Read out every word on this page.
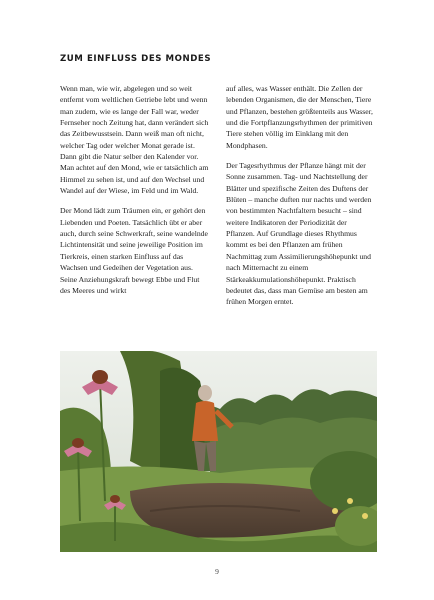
ZUM EINFLUSS DES MONDES

Wenn man, wie wir, abgelegen und so weit entfernt vom weltlichen Getriebe lebt und wenn man zudem, wie es lange der Fall war, weder Fernseher noch Zeitung hat, dann verändert sich das Zeitbewusstsein. Dann weiß man oft nicht, welcher Tag oder welcher Monat gerade ist. Dann gibt die Natur selber den Kalender vor. Man achtet auf den Mond, wie er tatsächlich am Himmel zu sehen ist, und auf den Wechsel und Wandel auf der Wiese, im Feld und im Wald.

Der Mond lädt zum Träumen ein, er gehört den Liebenden und Poeten. Tatsächlich übt er aber auch, durch seine Schwerkraft, seine wandelnde Lichtintensität und seine jeweilige Position im Tierkreis, einen starken Einfluss auf das Wachsen und Gedeihen der Vegetation aus. Seine Anziehungskraft bewegt Ebbe und Flut des Meeres und wirkt

auf alles, was Wasser enthält. Die Zellen der lebenden Organismen, die der Menschen, Tiere und Pflanzen, bestehen größtenteils aus Wasser, und die Fortpflanzungsrhythmen der primitiven Tiere stehen völlig im Einklang mit den Mondphasen.

Der Tagesrhythmus der Pflanze hängt mit der Sonne zusammen. Tag- und Nachtstellung der Blätter und spezifische Zeiten des Duftens der Blüten – manche duften nur nachts und werden von bestimmten Nachtfaltern besucht – sind weitere Indikatoren der Periodizität der Pflanzen. Auf Grundlage dieses Rhythmus kommt es bei den Pflanzen am frühen Nachmittag zum Assimilierungshöhepunkt und nach Mitternacht zu einem Stärkeakkumulationshöhepunkt. Praktisch bedeutet das, dass man Gemüse am besten am frühen Morgen erntet.

9
